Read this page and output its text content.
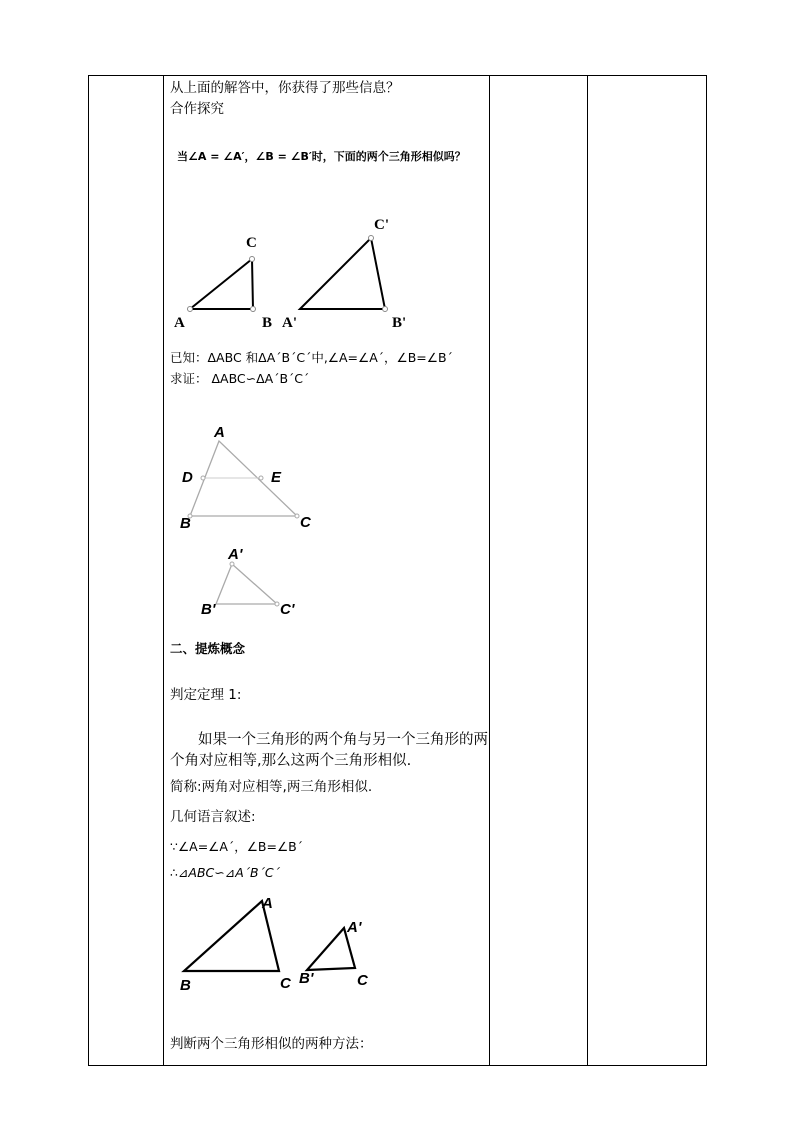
从上面的解答中，你获得了那些信息？
合作探究
当∠A = ∠A′，∠B = ∠B′时，下面的两个三角形相似吗？
A
C
B A'
C'
B'
已知：ΔABC 和ΔA´B´C´中,∠A=∠A´，∠B=∠B´
求证： ΔABC∽ΔA´B´C´
A
D	E
B	C
A'
B'	C'
二、提炼概念
判定定理 1:
如果一个三角形的两个角与另一个三角形的两
个角对应相等,那么这两个三角形相似.
简称:两角对应相等,两三角形相似.
几何语言叙述:
∵∠A=∠A´，∠B=∠B´
∴⊿ABC∽⊿A´B´C´
A
B	C
A'
B'	C
判断两个三角形相似的两种方法：
